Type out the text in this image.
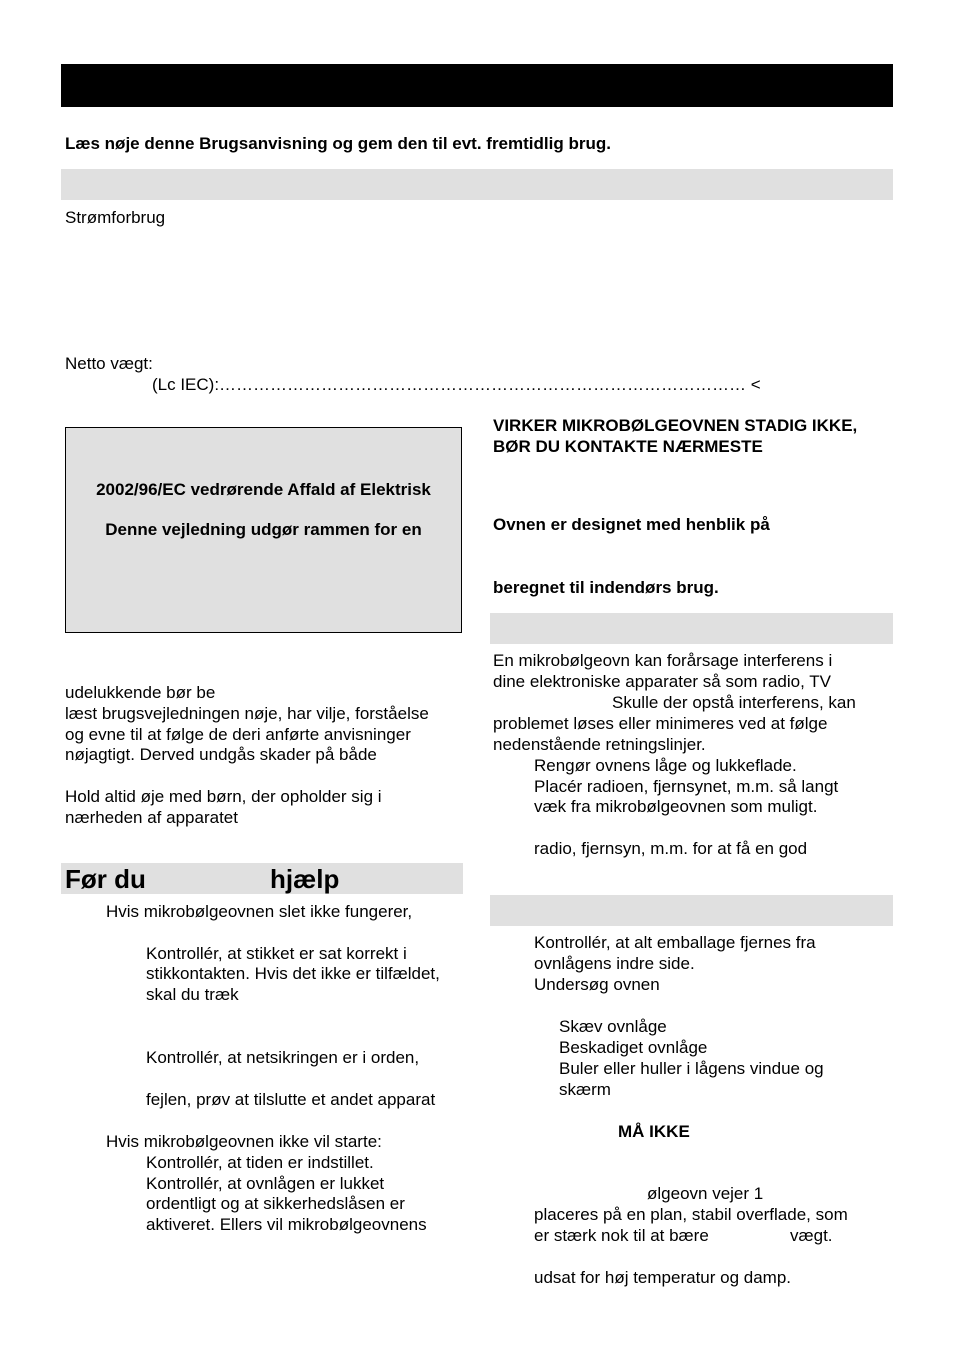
Læs nøje denne Brugsanvisning og gem den til evt. fremtidlig brug.
Strømforbrug
Netto vægt:
(Lc IEC):………………………………………………………………………………… <
2002/96/EC vedrørende Affald af Elektrisk
Denne vejledning udgør rammen for en
udelukkende bør be
læst brugsvejledningen nøje, har vilje, forståelse
og evne til at følge de deri anførte anvisninger
nøjagtigt. Derved undgås skader på både
Hold altid øje med børn, der opholder sig i
nærheden af apparatet
Før du	hjælp
Hvis mikrobølgeovnen slet ikke fungerer,
Kontrollér, at stikket er sat korrekt i
stikkontakten. Hvis det ikke er tilfældet,
skal du træk
Kontrollér, at netsikringen er i orden,
fejlen, prøv at tilslutte et andet apparat
Hvis mikrobølgeovnen ikke vil starte:
Kontrollér, at tiden er indstillet.
Kontrollér, at ovnlågen er lukket
ordentligt og at sikkerhedslåsen er
aktiveret. Ellers vil mikrobølgeovnens
VIRKER MIKROBØLGEOVNEN STADIG IKKE,
BØR DU KONTAKTE NÆRMESTE
Ovnen er designet med henblik på
beregnet til indendørs brug.
En mikrobølgeovn kan forårsage interferens i
dine elektroniske apparater så som radio, TV
Skulle der opstå interferens, kan
problemet løses eller minimeres ved at følge
nedenstående retningslinjer.
Rengør ovnens låge og lukkeflade.
Placér radioen, fjernsynet, m.m. så langt
væk fra mikrobølgeovnen som muligt.
radio, fjernsyn, m.m. for at få en god
Kontrollér, at alt emballage fjernes fra
ovnlågens indre side.
Undersøg ovnen
Skæv ovnlåge
Beskadiget ovnlåge
Buler eller huller i lågens vindue og
skærm
MÅ IKKE
ølgeovn vejer 1
placeres på en plan, stabil overflade, som
er stærk nok til at bære	vægt.
udsat for høj temperatur og damp.
